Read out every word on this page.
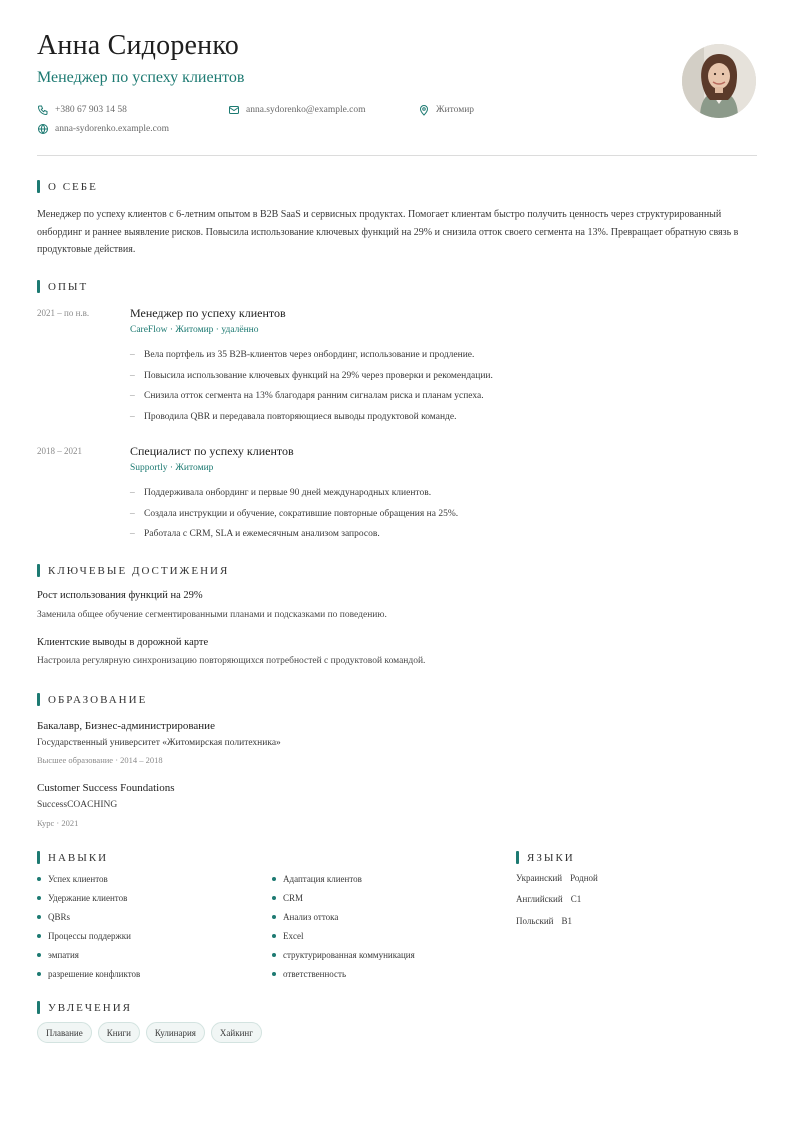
Анна Сидоренко
Менеджер по успеху клиентов
+380 67 903 14 58	anna.sydorenko@example.com	Житомир
anna-sydorenko.example.com
О СЕБЕ

Менеджер по успеху клиентов с 6-летним опытом в B2B SaaS и сервисных продуктах. Помогает клиентам быстро получить ценность через структурированный онбординг и раннее выявление рисков. Повысила использование ключевых функций на 29% и снизила отток своего сегмента на 13%. Превращает обратную связь в продуктовые действия.

ОПЫТ
2021 – по н.в.	Менеджер по успеху клиентов
CareFlow · Житомир · удалённо
– Вела портфель из 35 B2B-клиентов через онбординг, использование и продление.
– Повысила использование ключевых функций на 29% через проверки и рекомендации.
– Снизила отток сегмента на 13% благодаря ранним сигналам риска и планам успеха.
– Проводила QBR и передавала повторяющиеся выводы продуктовой команде.
2018 – 2021	Специалист по успеху клиентов
Supportly · Житомир
– Поддерживала онбординг и первые 90 дней международных клиентов.
– Создала инструкции и обучение, сократившие повторные обращения на 25%.
– Работала с CRM, SLA и ежемесячным анализом запросов.
КЛЮЧЕВЫЕ ДОСТИЖЕНИЯ
Рост использования функций на 29%
Заменила общее обучение сегментированными планами и подсказками по поведению.
Клиентские выводы в дорожной карте
Настроила регулярную синхронизацию повторяющихся потребностей с продуктовой командой.
ОБРАЗОВАНИЕ
Бакалавр, Бизнес-администрирование
Государственный университет «Житомирская политехника»
Высшее образование · 2014 – 2018
Customer Success Foundations
SuccessCOACHING
Курс · 2021
НАВЫКИ
Успех клиентов
Удержание клиентов
QBRs
Процессы поддержки
эмпатия
разрешение конфликтов
Адаптация клиентов
CRM
Анализ оттока
Excel
структурированная коммуникация
ответственность
ЯЗЫКИ
Украинский Родной
Английский C1
Польский B1
УВЛЕЧЕНИЯ
Плавание	Книги	Кулинария	Хайкинг
